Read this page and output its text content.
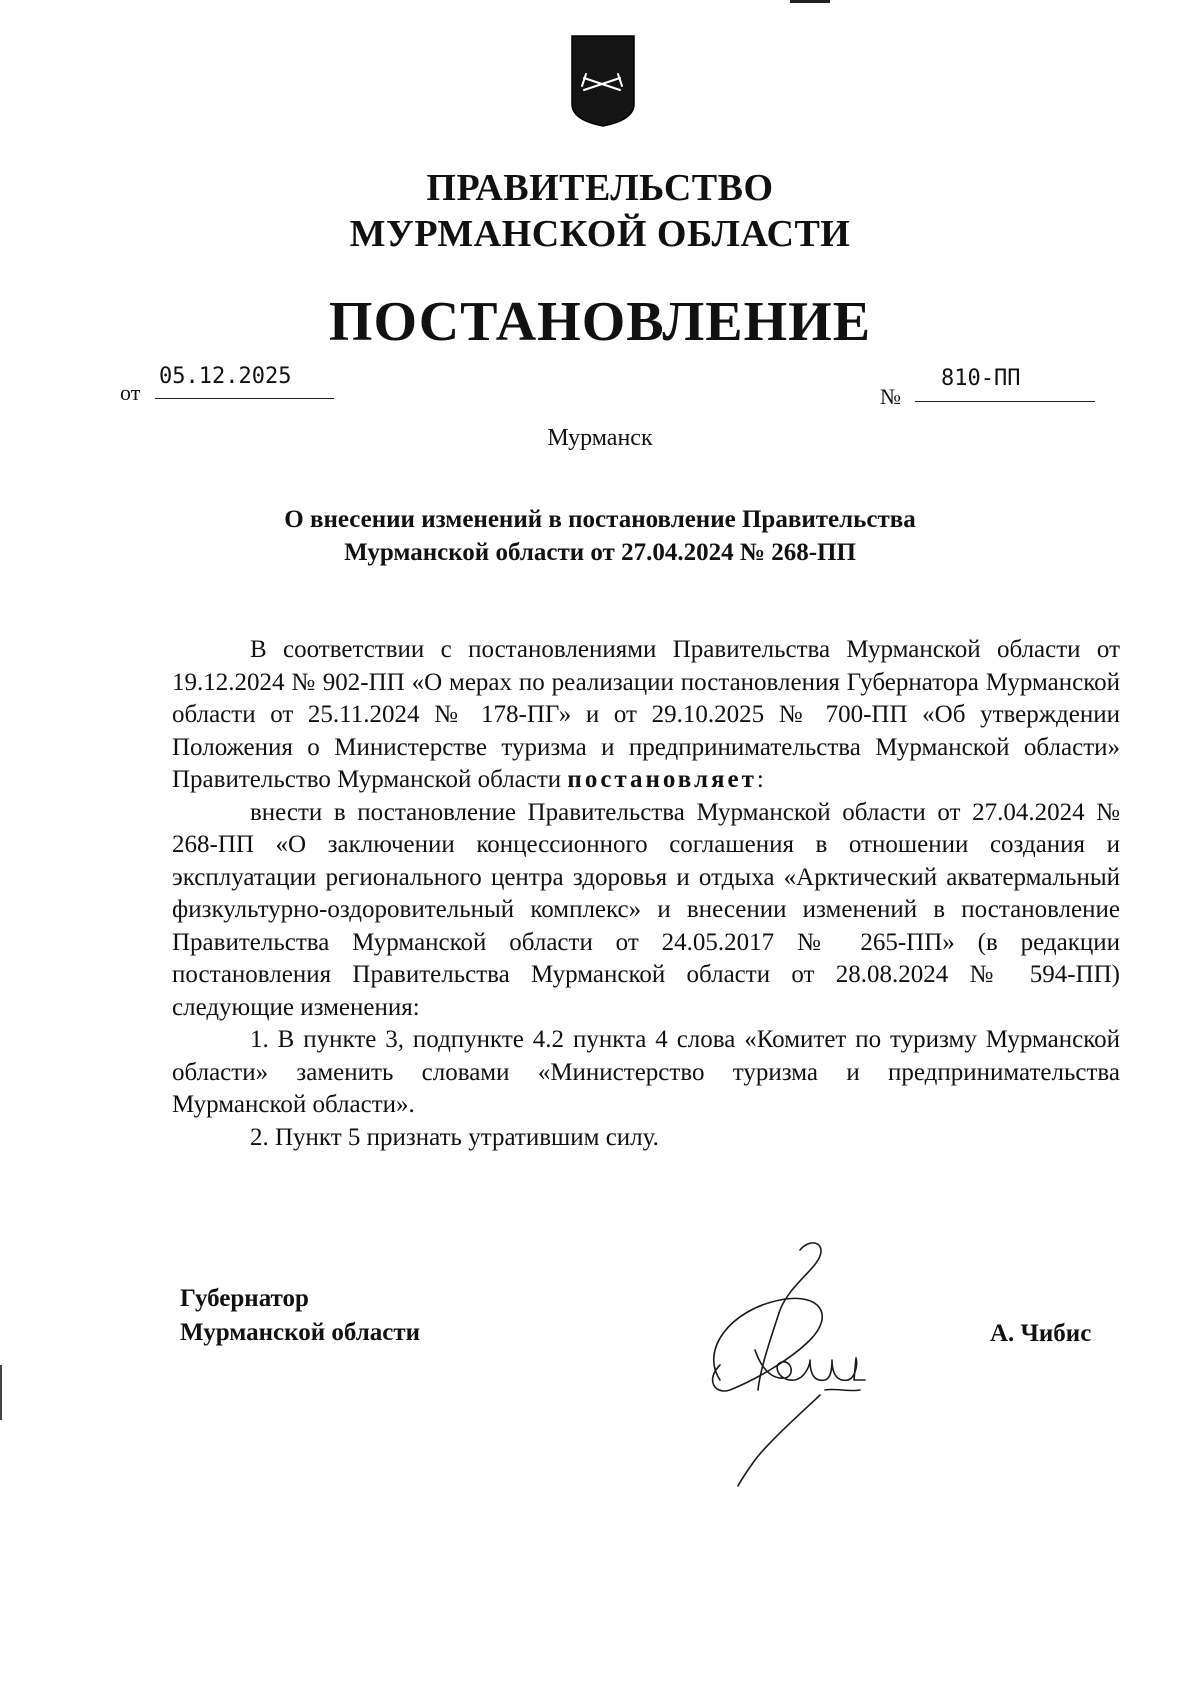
ПРАВИТЕЛЬСТВО
МУРМАНСКОЙ ОБЛАСТИ
ПОСТАНОВЛЕНИЕ
от
05.12.2025
№
810-ПП
Мурманск
О внесении изменений в постановление Правительства
Мурманской области от 27.04.2024 № 268-ПП

В соответствии с постановлениями Правительства Мурманской области от 19.12.2024 № 902-ПП «О мерах по реализации постановления Губернатора Мурманской области от 25.11.2024 № 178-ПГ» и от 29.10.2025 № 700-ПП «Об утверждении Положения о Министерстве туризма и предпринимательства Мурманской области» Правительство Мурманской области постановляет:

внести в постановление Правительства Мурманской области от 27.04.2024 № 268-ПП «О заключении концессионного соглашения в отношении создания и эксплуатации регионального центра здоровья и отдыха «Арктический акватермальный физкультурно-оздоровительный комплекс» и внесении изменений в постановление Правительства Мурманской области от 24.05.2017 № 265-ПП» (в редакции постановления Правительства Мурманской области от 28.08.2024 № 594-ПП) следующие изменения:

1. В пункте 3, подпункте 4.2 пункта 4 слова «Комитет по туризму Мурманской области» заменить словами «Министерство туризма и предпринимательства Мурманской области».

2. Пункт 5 признать утратившим силу.

Губернатор
Мурманской области	А. Чибис
